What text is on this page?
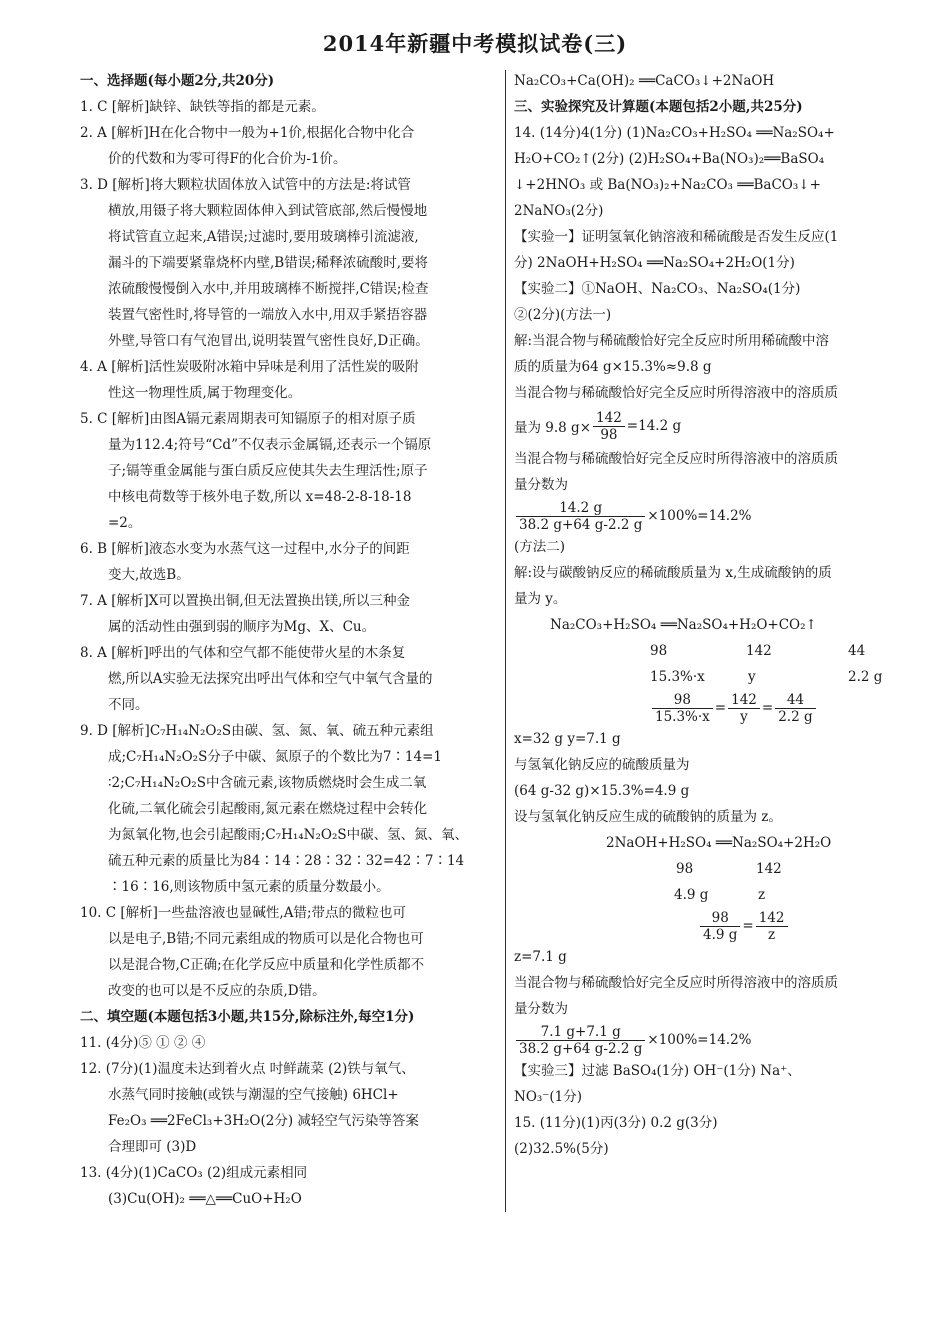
2014年新疆中考模拟试卷(三)
一、选择题(每小题2分,共20分)
1. C [解析]缺锌、缺铁等指的都是元素。
2. A [解析]H在化合物中一般为+1价,根据化合物中化合
价的代数和为零可得F的化合价为-1价。
3. D [解析]将大颗粒状固体放入试管中的方法是:将试管
横放,用镊子将大颗粒固体伸入到试管底部,然后慢慢地
将试管直立起来,A错误;过滤时,要用玻璃棒引流滤液,
漏斗的下端要紧靠烧杯内壁,B错误;稀释浓硫酸时,要将
浓硫酸慢慢倒入水中,并用玻璃棒不断搅拌,C错误;检查
装置气密性时,将导管的一端放入水中,用双手紧捂容器
外壁,导管口有气泡冒出,说明装置气密性良好,D正确。
4. A [解析]活性炭吸附冰箱中异味是利用了活性炭的吸附
性这一物理性质,属于物理变化。
5. C [解析]由图A镉元素周期表可知镉原子的相对原子质
量为112.4;符号“Cd”不仅表示金属镉,还表示一个镉原
子;镉等重金属能与蛋白质反应使其失去生理活性;原子
中核电荷数等于核外电子数,所以 x=48-2-8-18-18
=2。
6. B [解析]液态水变为水蒸气这一过程中,水分子的间距
变大,故选B。
7. A [解析]X可以置换出铜,但无法置换出镁,所以三种金
属的活动性由强到弱的顺序为Mg、X、Cu。
8. A [解析]呼出的气体和空气都不能使带火星的木条复
燃,所以A实验无法探究出呼出气体和空气中氧气含量的
不同。
9. D [解析]C₇H₁₄N₂O₂S由碳、氢、氮、氧、硫五种元素组
成;C₇H₁₄N₂O₂S分子中碳、氮原子的个数比为7∶14=1
∶2;C₇H₁₄N₂O₂S中含硫元素,该物质燃烧时会生成二氧
化硫,二氧化硫会引起酸雨,氮元素在燃烧过程中会转化
为氮氧化物,也会引起酸雨;C₇H₁₄N₂O₂S中碳、氢、氮、氧、
硫五种元素的质量比为84∶14∶28∶32∶32=42∶7∶14
∶16∶16,则该物质中氢元素的质量分数最小。
10. C [解析]一些盐溶液也显碱性,A错;带点的微粒也可
以是电子,B错;不同元素组成的物质可以是化合物也可
以是混合物,C正确;在化学反应中质量和化学性质都不
改变的也可以是不反应的杂质,D错。
二、填空题(本题包括3小题,共15分,除标注外,每空1分)
11. (4分)⑤ ① ② ④
12. (7分)(1)温度未达到着火点 吋鲜蔬菜 (2)铁与氧气、
水蒸气同时接触(或铁与潮湿的空气接触) 6HCl+
Fe₂O₃ ══2FeCl₃+3H₂O(2分) 减轻空气污染等答案
合理即可 (3)D
13. (4分)(1)CaCO₃ (2)组成元素相同
(3)Cu(OH)₂ ══△══CuO+H₂O
Na₂CO₃+Ca(OH)₂ ══CaCO₃↓+2NaOH
三、实验探究及计算题(本题包括2小题,共25分)
14. (14分)4(1分) (1)Na₂CO₃+H₂SO₄ ══Na₂SO₄+
H₂O+CO₂↑(2分) (2)H₂SO₄+Ba(NO₃)₂══BaSO₄
↓+2HNO₃ 或 Ba(NO₃)₂+Na₂CO₃ ══BaCO₃↓+
2NaNO₃(2分)
【实验一】证明氢氧化钠溶液和稀硫酸是否发生反应(1
分) 2NaOH+H₂SO₄ ══Na₂SO₄+2H₂O(1分)
【实验二】①NaOH、Na₂CO₃、Na₂SO₄(1分)
②(2分)(方法一)
解:当混合物与稀硫酸恰好完全反应时所用稀硫酸中溶
质的质量为64 g×15.3%≈9.8 g
当混合物与稀硫酸恰好完全反应时所得溶液中的溶质质
量为 9.8 $g\times \frac{142}{98} =14.2$ g
当混合物与稀硫酸恰好完全反应时所得溶液中的溶质质
量分数为
$\frac{14.2 g}{38.2 g+64 g-2.2 g} \times 100\%=14.2\%$
(方法二)
解:设与碳酸钠反应的稀硫酸质量为 x,生成硫酸钠的质
量为 y。
Na₂CO₃+H₂SO₄ ══Na₂SO₄+H₂O+CO₂↑
98	142	44
15.3%·x	y	2.2 g
$\frac{98}{15.3\%\cdot x} = \frac{142}{y} = \frac{44}{2.2 g}$
x=32 g y=7.1 g
与氢氧化钠反应的硫酸质量为
(64 g-32 g)×15.3%=4.9 g
设与氢氧化钠反应生成的硫酸钠的质量为 z。
2NaOH+H₂SO₄ ══Na₂SO₄+2H₂O
98	142
4.9 g	z
$\frac{98}{4.9 g} = \frac{142}{z}$
z=7.1 g
当混合物与稀硫酸恰好完全反应时所得溶液中的溶质质
量分数为
$\frac{7.1 g+7.1 g}{38.2 g+64 g-2.2 g} \times 100\%=14.2\%$
【实验三】过滤 BaSO₄(1分) OH⁻(1分) Na⁺、
NO₃⁻(1分)
15. (11分)(1)丙(3分) 0.2 g(3分)
(2)32.5%(5分)
